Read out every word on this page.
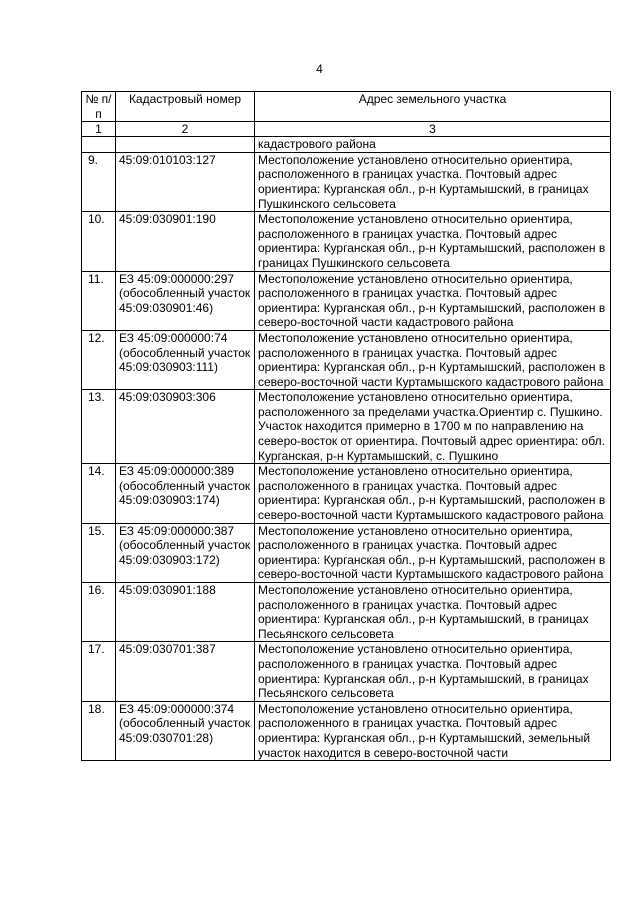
4
№ п/п	Кадастровый номер	Адрес земельного участка
1	2	3
		кадастрового района
9.	45:09:010103:127	Местоположение установлено относительно ориентира, расположенного в границах участка. Почтовый адрес ориентира: Курганская обл., р-н Куртамышский, в границах Пушкинского сельсовета
10.	45:09:030901:190	Местоположение установлено относительно ориентира, расположенного в границах участка. Почтовый адрес ориентира: Курганская обл., р-н Куртамышский, расположен в границах Пушкинского сельсовета
11.	ЕЗ 45:09:000000:297 (обособленный участок 45:09:030901:46)	Местоположение установлено относительно ориентира, расположенного в границах участка. Почтовый адрес ориентира: Курганская обл., р-н Куртамышский, расположен в северо-восточной части кадастрового района
12.	ЕЗ 45:09:000000:74 (обособленный участок 45:09:030903:111)	Местоположение установлено относительно ориентира, расположенного в границах участка. Почтовый адрес ориентира: Курганская обл., р-н Куртамышский, расположен в северо-восточной части Куртамышского кадастрового района
13.	45:09:030903:306	Местоположение установлено относительно ориентира, расположенного за пределами участка.Ориентир с. Пушкино. Участок находится примерно в 1700 м по направлению на северо-восток от ориентира. Почтовый адрес ориентира: обл. Курганская, р-н Куртамышский, с. Пушкино
14.	ЕЗ 45:09:000000:389 (обособленный участок 45:09:030903:174)	Местоположение установлено относительно ориентира, расположенного в границах участка. Почтовый адрес ориентира: Курганская обл., р-н Куртамышский, расположен в северо-восточной части Куртамышского кадастрового района
15.	ЕЗ 45:09:000000:387 (обособленный участок 45:09:030903:172)	Местоположение установлено относительно ориентира, расположенного в границах участка. Почтовый адрес ориентира: Курганская обл., р-н Куртамышский, расположен в северо-восточной части Куртамышского кадастрового района
16.	45:09:030901:188	Местоположение установлено относительно ориентира, расположенного в границах участка. Почтовый адрес ориентира: Курганская обл., р-н Куртамышский, в границах Песьянского сельсовета
17.	45:09:030701:387	Местоположение установлено относительно ориентира, расположенного в границах участка. Почтовый адрес ориентира: Курганская обл., р-н Куртамышский, в границах Песьянского сельсовета
18.	ЕЗ 45:09:000000:374 (обособленный участок 45:09:030701:28)	Местоположение установлено относительно ориентира, расположенного в границах участка. Почтовый адрес ориентира: Курганская обл., р-н Куртамышский, земельный участок находится в северо-восточной части
